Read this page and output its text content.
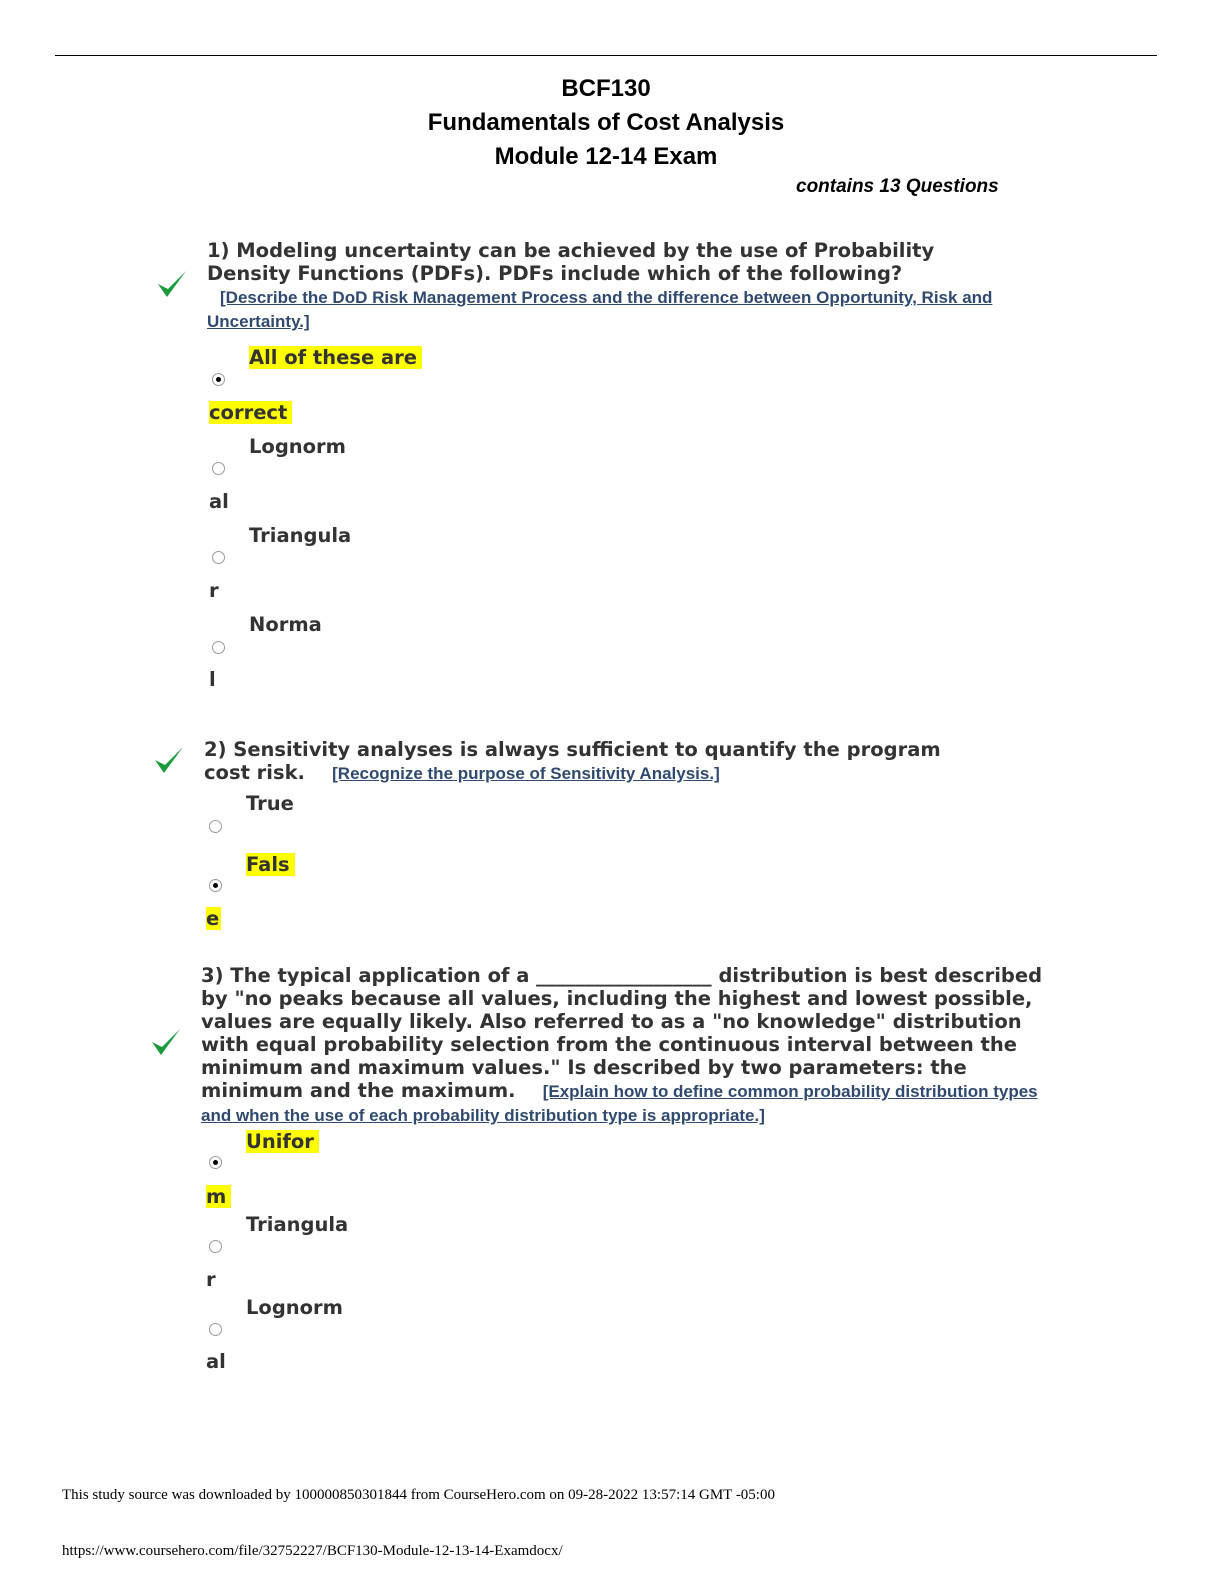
BCF130
Fundamentals of Cost Analysis
Module 12-14 Exam
contains 13 Questions
1) Modeling uncertainty can be achieved by the use of Probability Density Functions (PDFs). PDFs include which of the following?
[Describe the DoD Risk Management Process and the difference between Opportunity, Risk and Uncertainty.]
All of these are
correct
Lognorm
al
Triangula
r
Norma
l
2) Sensitivity analyses is always sufficient to quantify the program cost risk. [Recognize the purpose of Sensitivity Analysis.]
True
Fals
e
3) The typical application of a __________________ distribution is best described by "no peaks because all values, including the highest and lowest possible, values are equally likely. Also referred to as a "no knowledge" distribution with equal probability selection from the continuous interval between the minimum and maximum values." Is described by two parameters: the minimum and the maximum. [Explain how to define common probability distribution types and when the use of each probability distribution type is appropriate.]
Unifor
m
Triangula
r
Lognorm
al
This study source was downloaded by 100000850301844 from CourseHero.com on 09-28-2022 13:57:14 GMT -05:00
https://www.coursehero.com/file/32752227/BCF130-Module-12-13-14-Examdocx/
